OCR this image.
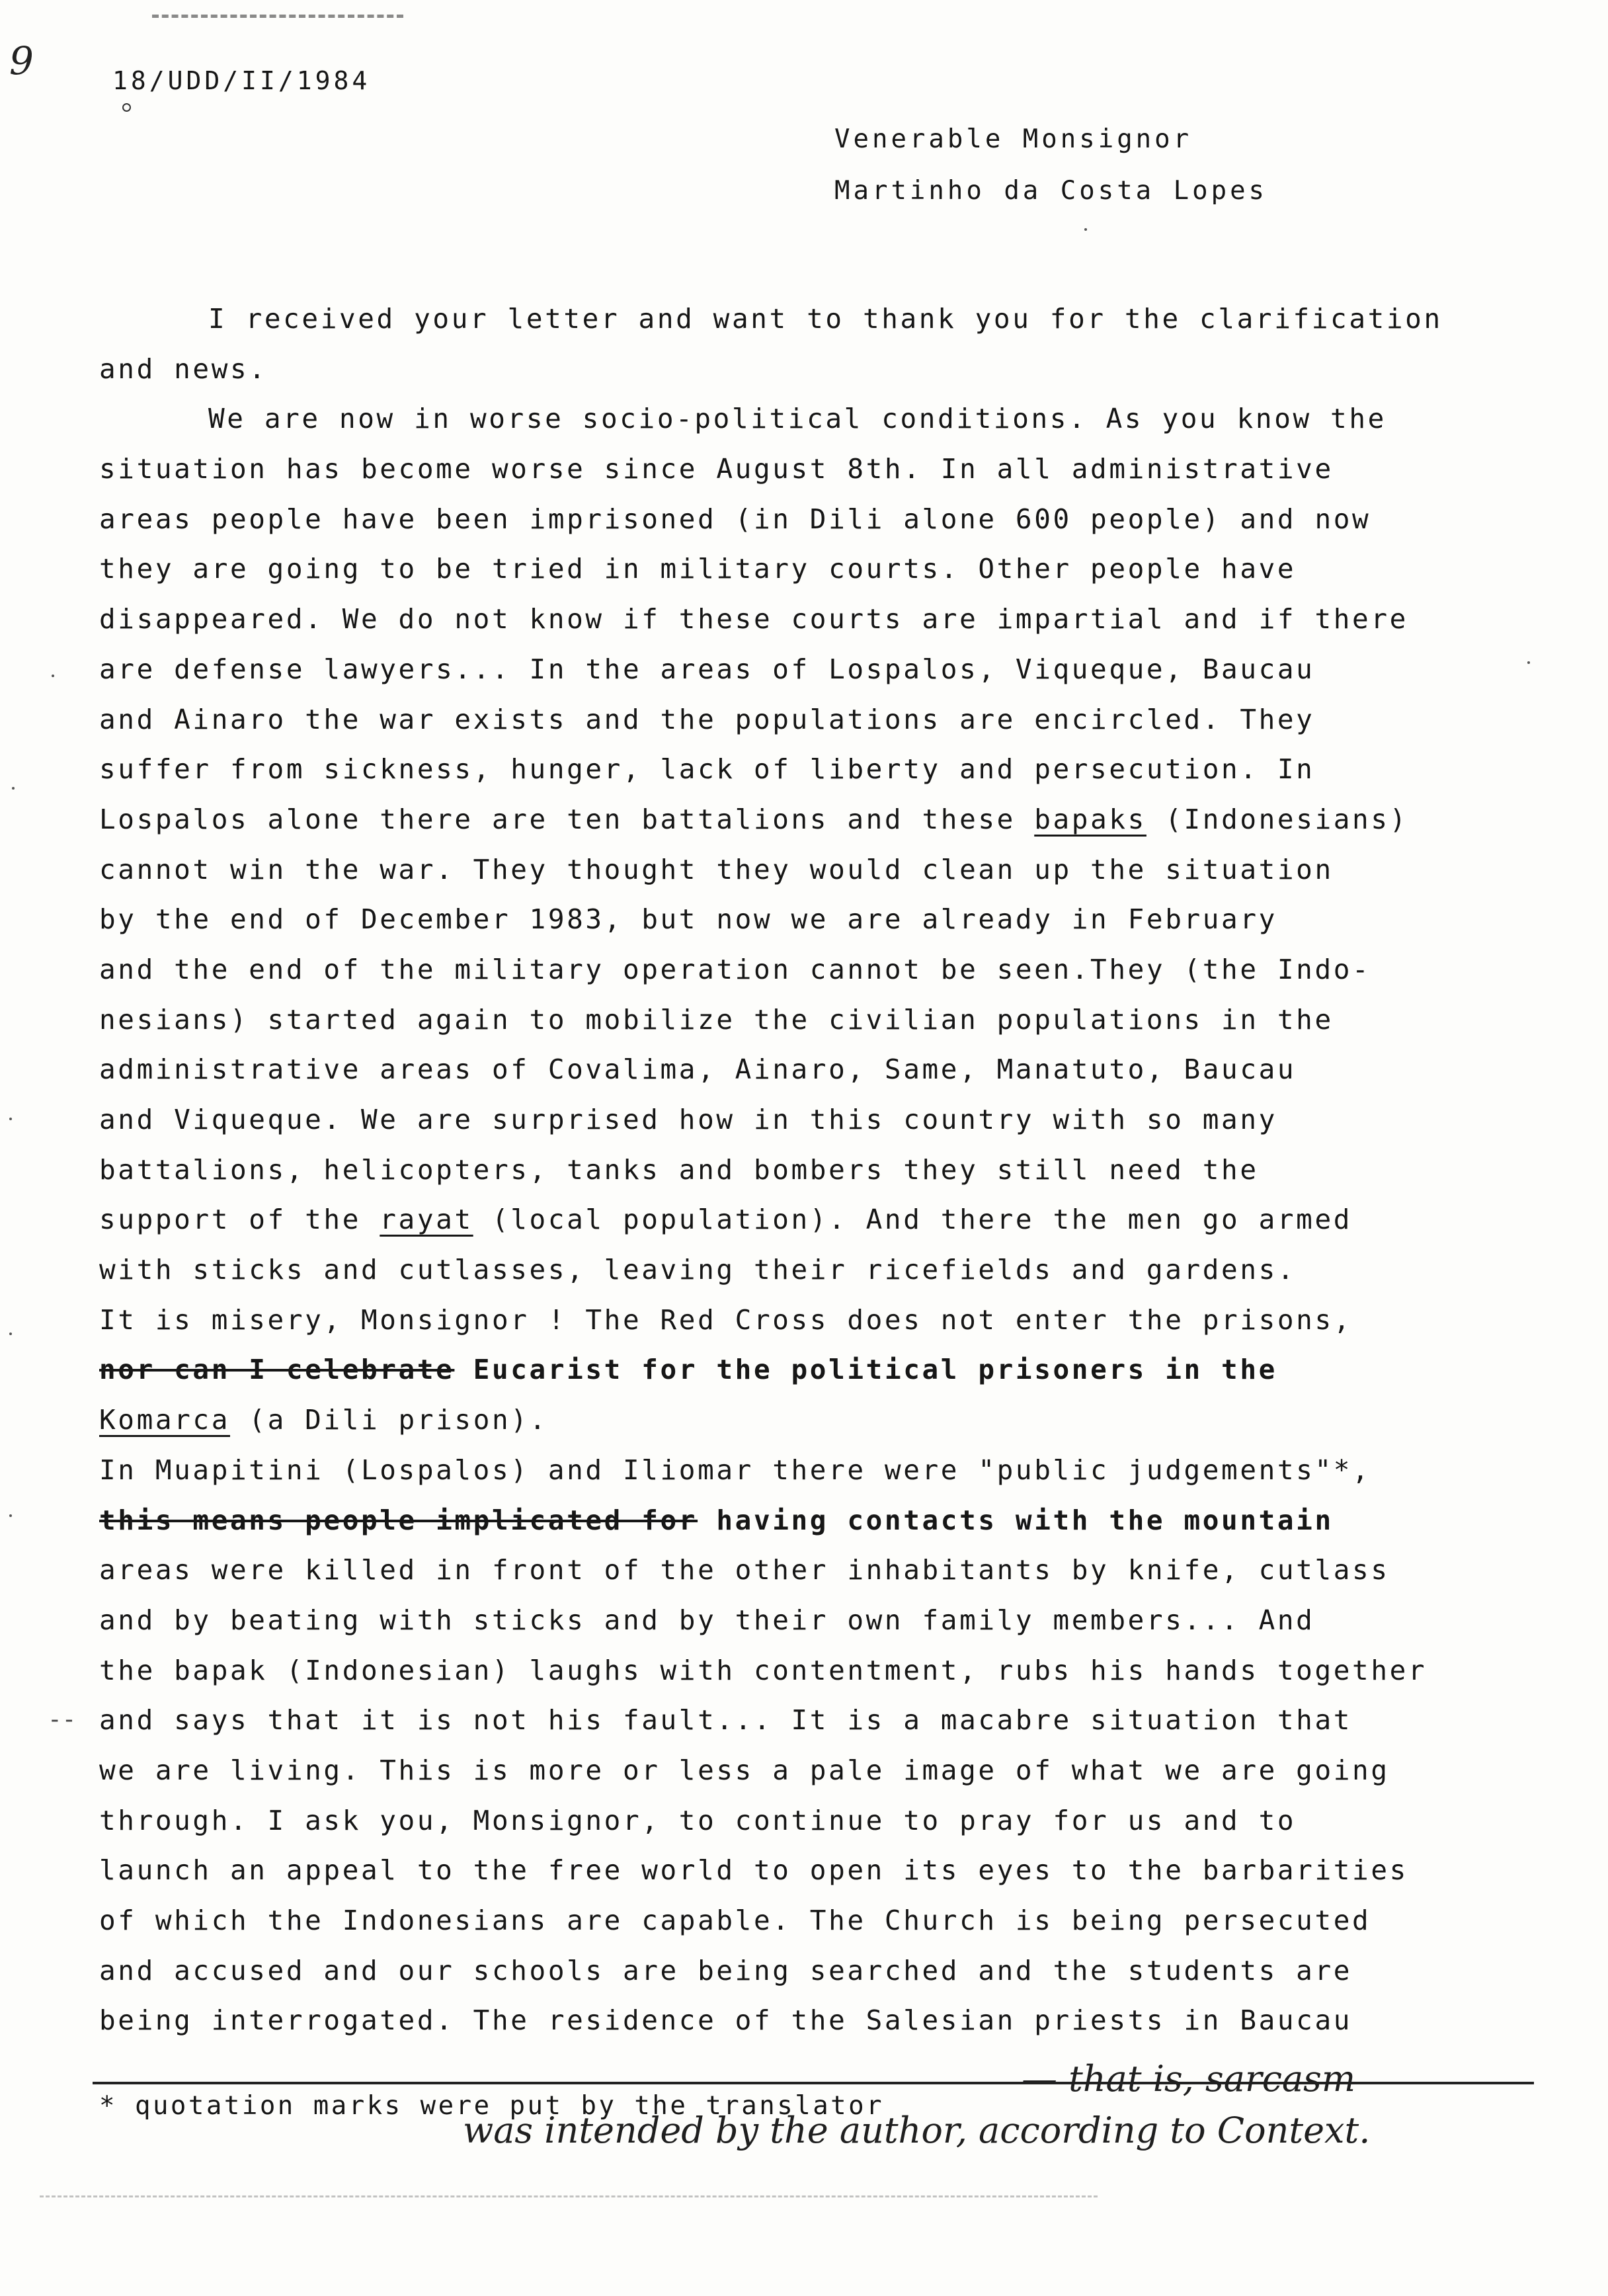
9	18/UDD/II/1984
Venerable Monsignor
Martinho da Costa Lopes
I received your letter and want to thank you for the clarification
and news.
We are now in worse socio-political conditions. As you know the
situation has become worse since August 8th. In all administrative
areas people have been imprisoned (in Dili alone 600 people) and now
they are going to be tried in military courts. Other people have
disappeared. We do not know if these courts are impartial and if there
are defense lawyers... In the areas of Lospalos, Viqueque, Baucau
and Ainaro the war exists and the populations are encircled. They
suffer from sickness, hunger, lack of liberty and persecution. In
Lospalos alone there are ten battalions and these bapaks (Indonesians)
cannot win the war. They thought they would clean up the situation
by the end of December 1983, but now we are already in February
and the end of the military operation cannot be seen.They (the Indo-
nesians) started again to mobilize the civilian populations in the
administrative areas of Covalima, Ainaro, Same, Manatuto, Baucau
and Viqueque. We are surprised how in this country with so many
battalions, helicopters, tanks and bombers they still need the
support of the rayat (local population). And there the men go armed
with sticks and cutlasses, leaving their ricefields and gardens.
It is misery, Monsignor ! The Red Cross does not enter the prisons,
nor can I celebrate Eucarist for the political prisoners in the
Komarca (a Dili prison).
In Muapitini (Lospalos) and Iliomar there were "public judgements"*,
this means people implicated for having contacts with the mountain
areas were killed in front of the other inhabitants by knife, cutlass
and by beating with sticks and by their own family members... And
the bapak (Indonesian) laughs with contentment, rubs his hands together
and says that it is not his fault... It is a macabre situation that
we are living. This is more or less a pale image of what we are going
through. I ask you, Monsignor, to continue to pray for us and to
launch an appeal to the free world to open its eyes to the barbarities
of which the Indonesians are capable. The Church is being persecuted
and accused and our schools are being searched and the students are
being interrogated. The residence of the Salesian priests in Baucau
--
* quotation marks were put by the translator
— that is, sarcasm
was intended by the author, according to Context.
